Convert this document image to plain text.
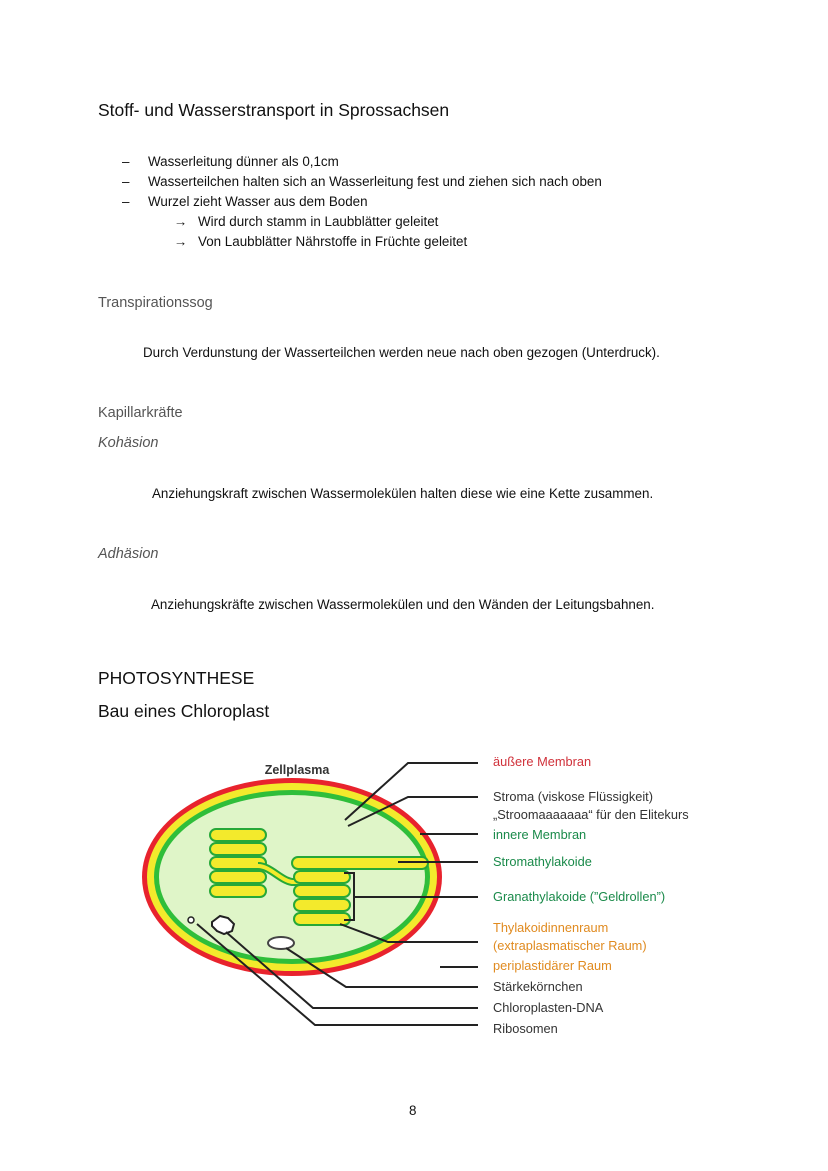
Stoff- und Wasserstransport in Sprossachsen
– Wasserleitung dünner als 0,1cm
– Wasserteilchen halten sich an Wasserleitung fest und ziehen sich nach oben
– Wurzel zieht Wasser aus dem Boden
→ Wird durch stamm in Laubblätter geleitet
→ Von Laubblätter Nährstoffe in Früchte geleitet
Transpirationssog
Durch Verdunstung der Wasserteilchen werden neue nach oben gezogen (Unterdruck).
Kapillarkräfte
Kohäsion
Anziehungskraft zwischen Wassermolekülen halten diese wie eine Kette zusammen.
Adhäsion
Anziehungskräfte zwischen Wassermolekülen und den Wänden der Leitungsbahnen.
PHOTOSYNTHESE
Bau eines Chloroplast
Zellplasma
äußere Membran
Stroma (viskose Flüssigkeit)
„Stroomaaaaaaa“ für den Elitekurs
innere Membran
Stromathylakoide
Granathylakoide (”Geldrollen”)
Thylakoidinnenraum
(extraplasmatischer Raum)
periplastidärer Raum
Stärkekörnchen
Chloroplasten-DNA
Ribosomen
8
